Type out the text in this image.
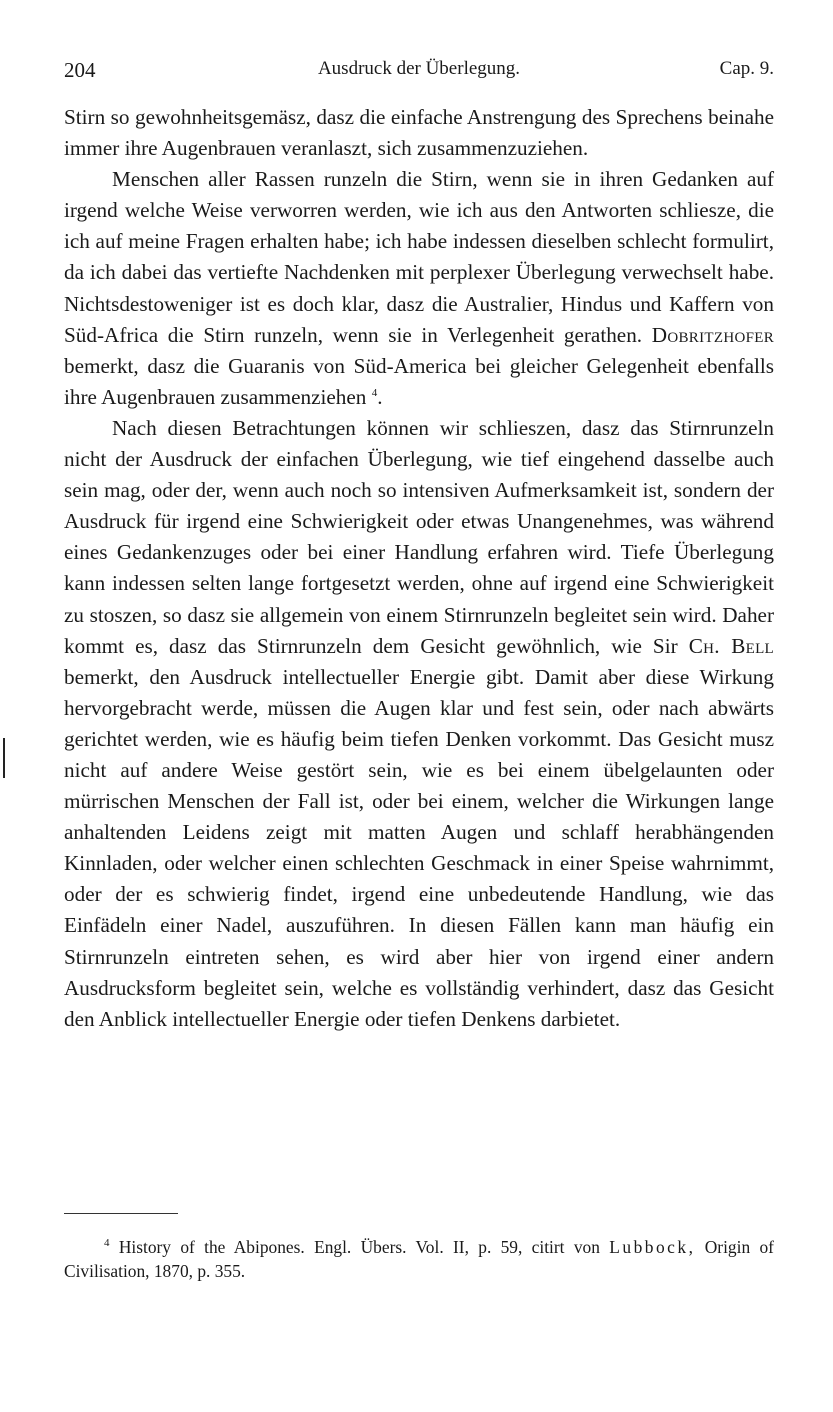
204	Ausdruck der Überlegung.	Cap. 9.

Stirn so gewohnheitsgemäsz, dasz die einfache Anstrengung des Sprechens beinahe immer ihre Augenbrauen veranlaszt, sich zusammenzuziehen.

Menschen aller Rassen runzeln die Stirn, wenn sie in ihren Gedanken auf irgend welche Weise verworren werden, wie ich aus den Antworten schliesze, die ich auf meine Fragen erhalten habe; ich habe indessen dieselben schlecht formulirt, da ich dabei das vertiefte Nachdenken mit perplexer Überlegung verwechselt habe. Nichtsdestoweniger ist es doch klar, dasz die Australier, Hindus und Kaffern von Süd-Africa die Stirn runzeln, wenn sie in Verlegenheit gerathen. Dobritzhofer bemerkt, dasz die Guaranis von Süd-America bei gleicher Gelegenheit ebenfalls ihre Augenbrauen zusammenziehen $^4$.

Nach diesen Betrachtungen können wir schlieszen, dasz das Stirnrunzeln nicht der Ausdruck der einfachen Überlegung, wie tief eingehend dasselbe auch sein mag, oder der, wenn auch noch so intensiven Aufmerksamkeit ist, sondern der Ausdruck für irgend eine Schwierigkeit oder etwas Unangenehmes, was während eines Gedankenzuges oder bei einer Handlung erfahren wird. Tiefe Überlegung kann indessen selten lange fortgesetzt werden, ohne auf irgend eine Schwierigkeit zu stoszen, so dasz sie allgemein von einem Stirnrunzeln begleitet sein wird. Daher kommt es, dasz das Stirnrunzeln dem Gesicht gewöhnlich, wie Sir Ch. Bell bemerkt, den Ausdruck intellectueller Energie gibt. Damit aber diese Wirkung hervorgebracht werde, müssen die Augen klar und fest sein, oder nach abwärts gerichtet werden, wie es häufig beim tiefen Denken vorkommt. Das Gesicht musz nicht auf andere Weise gestört sein, wie es bei einem übelgelaunten oder mürrischen Menschen der Fall ist, oder bei einem, welcher die Wirkungen lange anhaltenden Leidens zeigt mit matten Augen und schlaff herabhängenden Kinnladen, oder welcher einen schlechten Geschmack in einer Speise wahrnimmt, oder der es schwierig findet, irgend eine unbedeutende Handlung, wie das Einfädeln einer Nadel, auszuführen. In diesen Fällen kann man häufig ein Stirnrunzeln eintreten sehen, es wird aber hier von irgend einer andern Ausdrucksform begleitet sein, welche es vollständig verhindert, dasz das Gesicht den Anblick intellectueller Energie oder tiefen Denkens darbietet.

$^4$ History of the Abipones. Engl. Übers. Vol. II, p. 59, citirt von Lubbock, Origin of Civilisation, 1870, p. 355.
